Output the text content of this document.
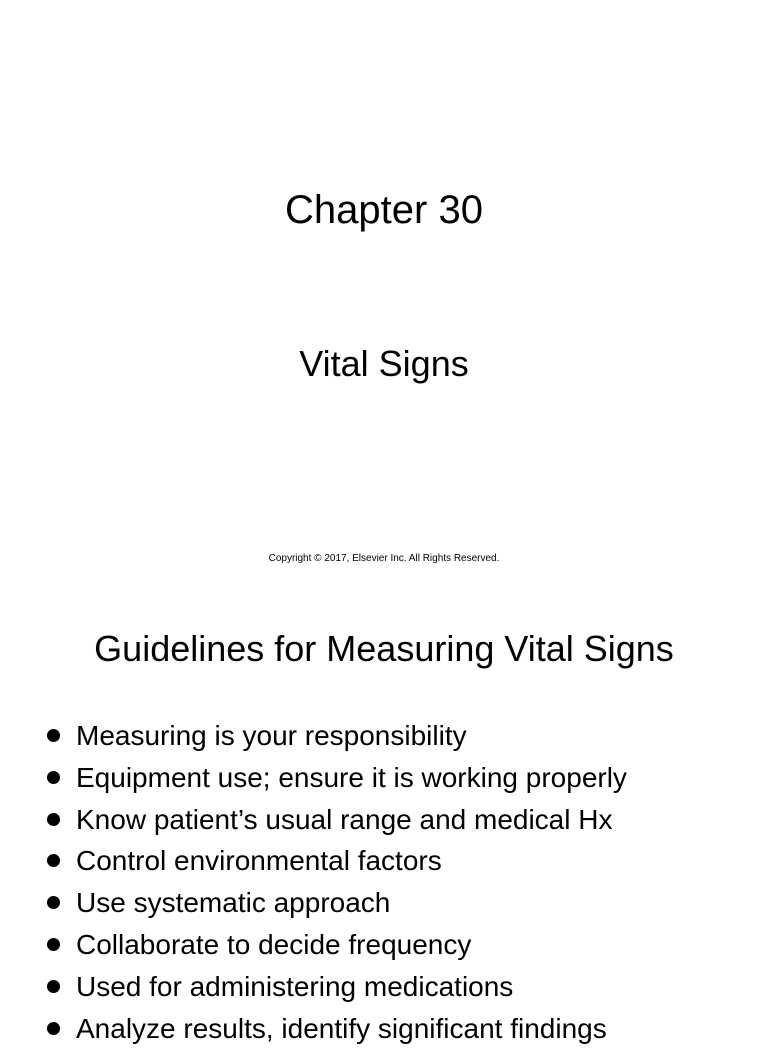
Chapter 30
Vital Signs

Copyright © 2017, Elsevier Inc. All Rights Reserved.

Guidelines for Measuring Vital Signs
Measuring is your responsibility
Equipment use; ensure it is working properly
Know patient’s usual range and medical Hx
Control environmental factors
Use systematic approach
Collaborate to decide frequency
Used for administering medications
Analyze results, identify significant findings
